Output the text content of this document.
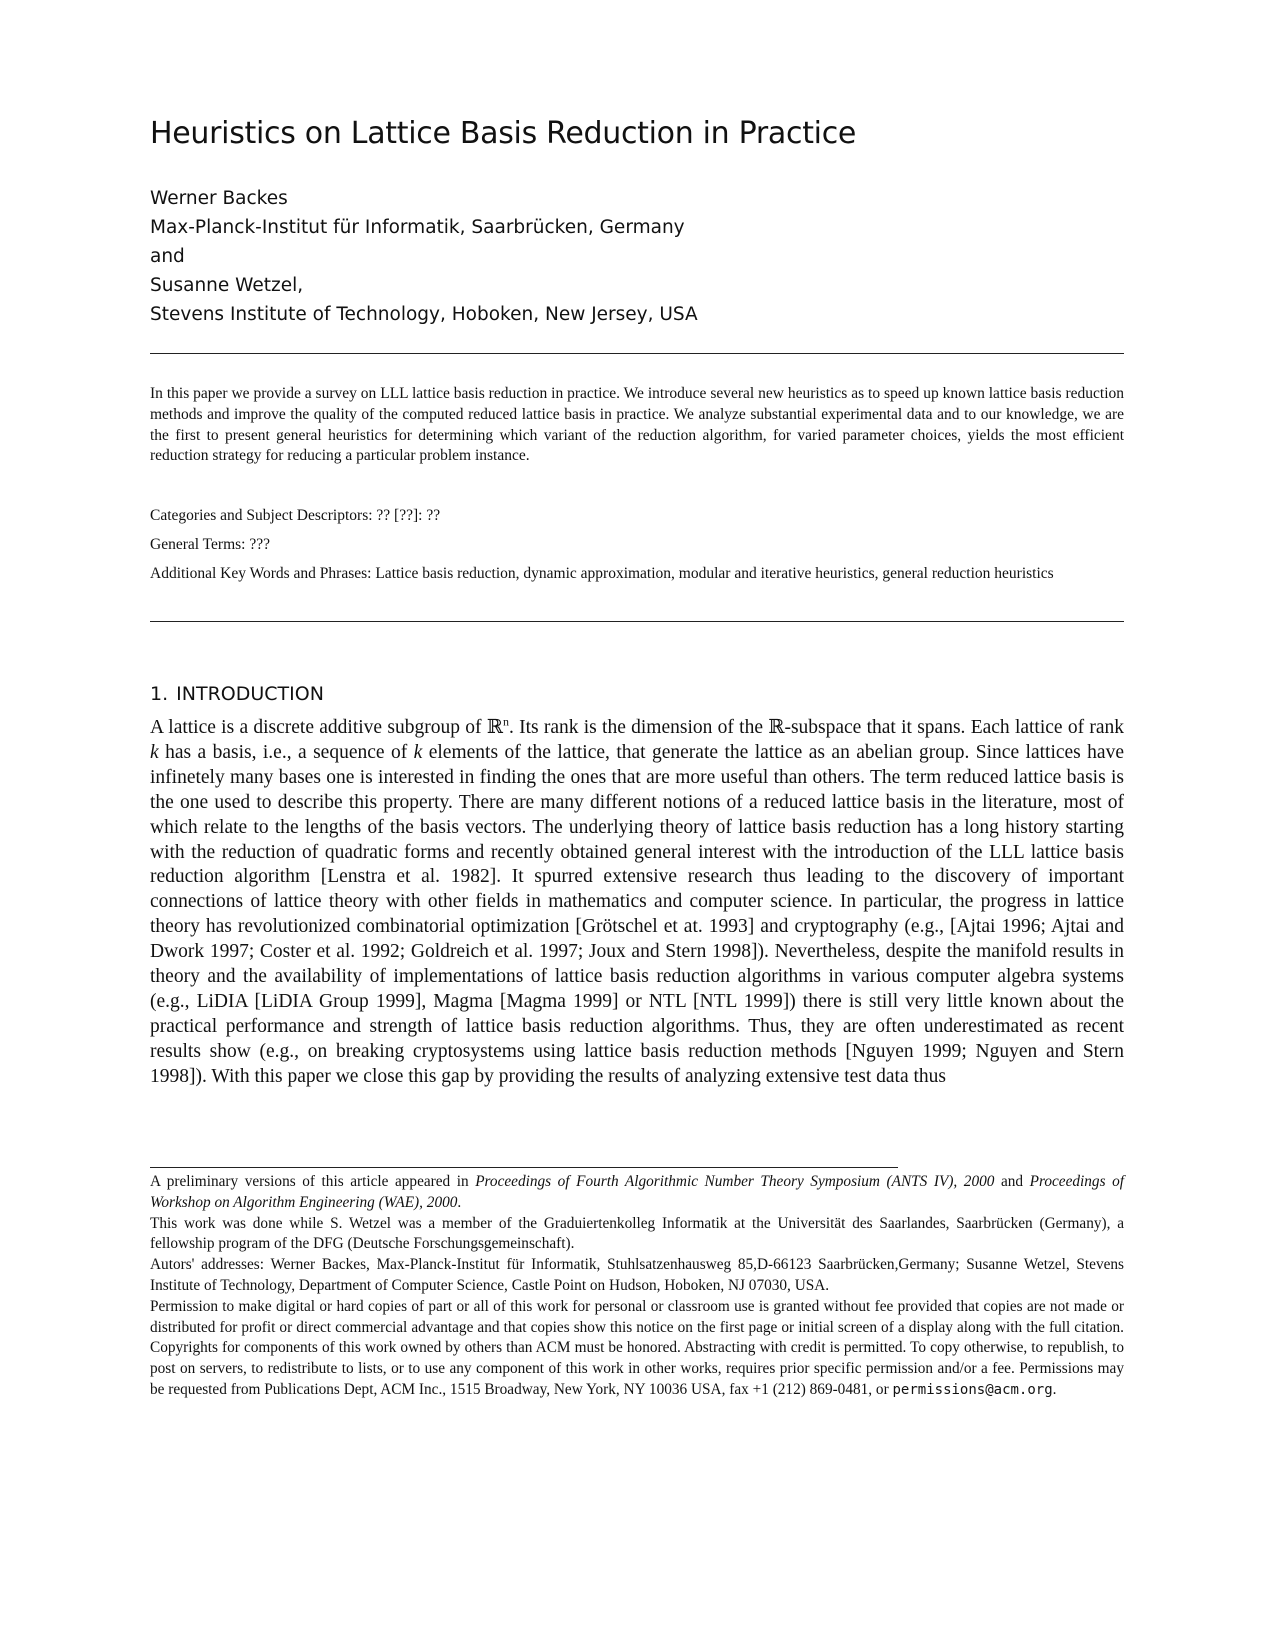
Heuristics on Lattice Basis Reduction in Practice
Werner Backes
Max-Planck-Institut für Informatik, Saarbrücken, Germany
and
Susanne Wetzel,
Stevens Institute of Technology, Hoboken, New Jersey, USA

In this paper we provide a survey on LLL lattice basis reduction in practice. We introduce several new heuristics as to speed up known lattice basis reduction methods and improve the quality of the computed reduced lattice basis in practice. We analyze substantial experimental data and to our knowledge, we are the first to present general heuristics for determining which variant of the reduction algorithm, for varied parameter choices, yields the most efficient reduction strategy for reducing a particular problem instance.

Categories and Subject Descriptors: ?? [??]: ??
General Terms: ???
Additional Key Words and Phrases: Lattice basis reduction, dynamic approximation, modular and iterative heuristics, general reduction heuristics
1. INTRODUCTION

A lattice is a discrete additive subgroup of ℝ$^n$. Its rank is the dimension of the ℝ-subspace that it spans. Each lattice of rank k has a basis, i.e., a sequence of k elements of the lattice, that generate the lattice as an abelian group. Since lattices have infinetely many bases one is interested in finding the ones that are more useful than others. The term reduced lattice basis is the one used to describe this property. There are many different notions of a reduced lattice basis in the literature, most of which relate to the lengths of the basis vectors. The underlying theory of lattice basis reduction has a long history starting with the reduction of quadratic forms and recently obtained general interest with the introduction of the LLL lattice basis reduction algorithm [Lenstra et al. 1982]. It spurred extensive research thus leading to the discovery of important connections of lattice theory with other fields in mathematics and computer science. In particular, the progress in lattice theory has revolutionized combinatorial optimization [Grötschel et at. 1993] and cryptography (e.g., [Ajtai 1996; Ajtai and Dwork 1997; Coster et al. 1992; Goldreich et al. 1997; Joux and Stern 1998]). Nevertheless, despite the manifold results in theory and the availability of implementations of lattice basis reduction algorithms in various computer algebra systems (e.g., LiDIA [LiDIA Group 1999], Magma [Magma 1999] or NTL [NTL 1999]) there is still very little known about the practical performance and strength of lattice basis reduction algorithms. Thus, they are often underestimated as recent results show (e.g., on breaking cryptosystems using lattice basis reduction methods [Nguyen 1999; Nguyen and Stern 1998]). With this paper we close this gap by providing the results of analyzing extensive test data thus

A preliminary versions of this article appeared in Proceedings of Fourth Algorithmic Number Theory Symposium (ANTS IV), 2000 and Proceedings of Workshop on Algorithm Engineering (WAE), 2000.

This work was done while S. Wetzel was a member of the Graduiertenkolleg Informatik at the Universität des Saarlandes, Saarbrücken (Germany), a fellowship program of the DFG (Deutsche Forschungsgemeinschaft).

Autors' addresses: Werner Backes, Max-Planck-Institut für Informatik, Stuhlsatzenhausweg 85,D-66123 Saarbrücken,Germany; Susanne Wetzel, Stevens Institute of Technology, Department of Computer Science, Castle Point on Hudson, Hoboken, NJ 07030, USA.

Permission to make digital or hard copies of part or all of this work for personal or classroom use is granted without fee provided that copies are not made or distributed for profit or direct commercial advantage and that copies show this notice on the first page or initial screen of a display along with the full citation. Copyrights for components of this work owned by others than ACM must be honored. Abstracting with credit is permitted. To copy otherwise, to republish, to post on servers, to redistribute to lists, or to use any component of this work in other works, requires prior specific permission and/or a fee. Permissions may be requested from Publications Dept, ACM Inc., 1515 Broadway, New York, NY 10036 USA, fax +1 (212) 869-0481, or permissions@acm.org.
